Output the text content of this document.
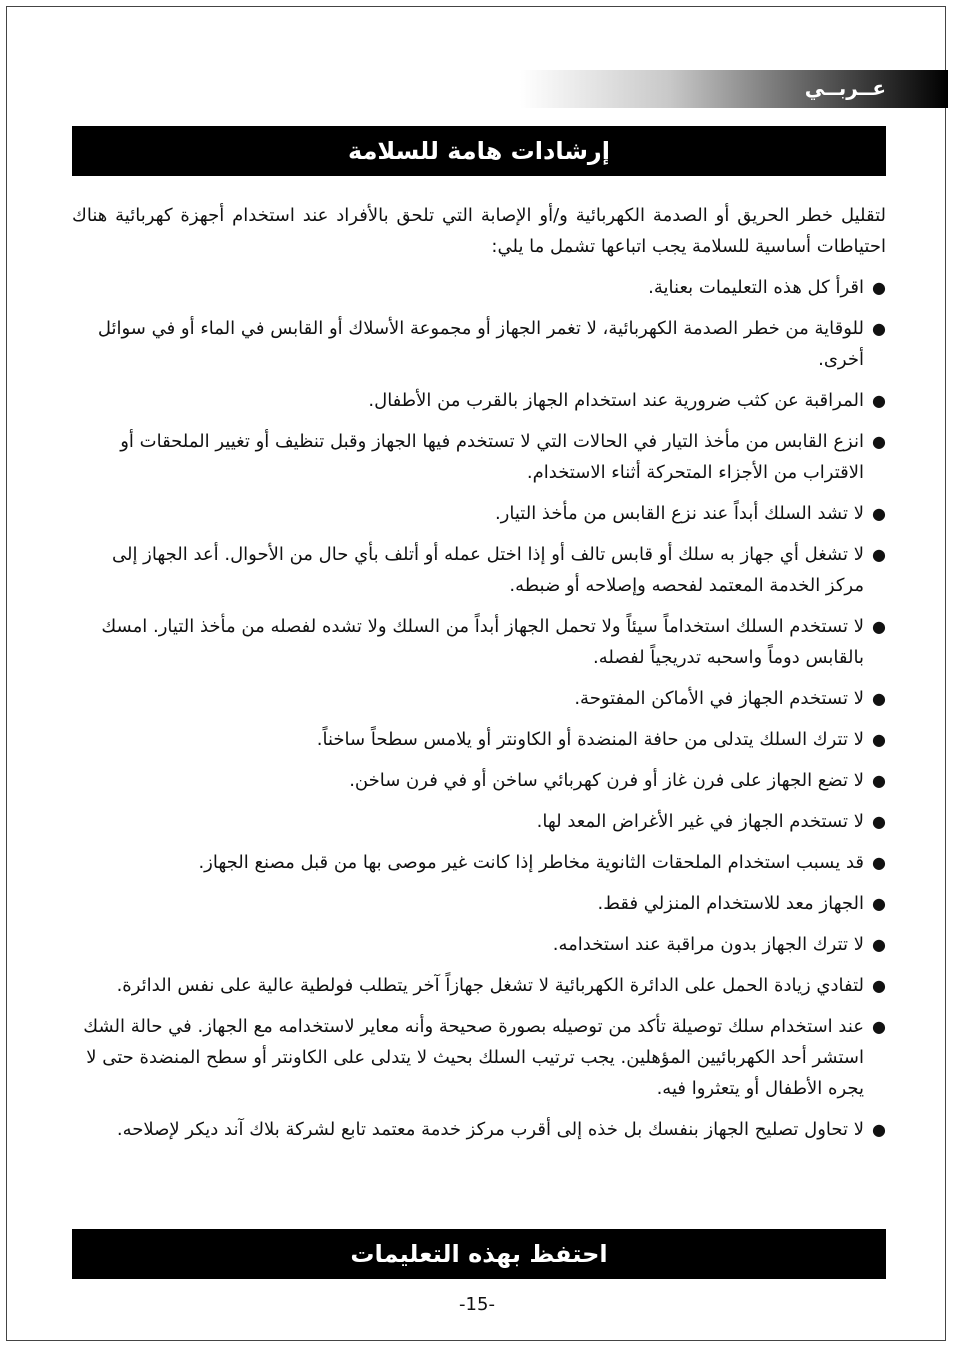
عــربــي
إرشادات هامة للسلامة

لتقليل خطر الحريق أو الصدمة الكهربائية و/أو الإصابة التي تلحق بالأفراد عند استخدام أجهزة كهربائية هناك احتياطات أساسية للسلامة يجب اتباعها تشمل ما يلي:

●
اقرأ كل هذه التعليمات بعناية.
●
للوقاية من خطر الصدمة الكهربائية، لا تغمر الجهاز أو مجموعة الأسلاك أو القابس في الماء أو في سوائل أخرى.
●
المراقبة عن كثب ضرورية عند استخدام الجهاز بالقرب من الأطفال.
●
انزع القابس من مأخذ التيار في الحالات التي لا تستخدم فيها الجهاز وقبل تنظيف أو تغيير الملحقات أو الاقتراب من الأجزاء المتحركة أثناء الاستخدام.
●
لا تشد السلك أبداً عند نزع القابس من مأخذ التيار.
●
لا تشغل أي جهاز به سلك أو قابس تالف أو إذا اختل عمله أو أتلف بأي حال من الأحوال. أعد الجهاز إلى مركز الخدمة المعتمد لفحصه وإصلاحه أو ضبطه.
●
لا تستخدم السلك استخداماً سيئاً ولا تحمل الجهاز أبداً من السلك ولا تشده لفصله من مأخذ التيار. امسك بالقابس دوماً واسحبه تدريجياً لفصله.
●
لا تستخدم الجهاز في الأماكن المفتوحة.
●
لا تترك السلك يتدلى من حافة المنضدة أو الكاونتر أو يلامس سطحاً ساخناً.
●
لا تضع الجهاز على فرن غاز أو فرن كهربائي ساخن أو في فرن ساخن.
●
لا تستخدم الجهاز في غير الأغراض المعد لها.
●
قد يسبب استخدام الملحقات الثانوية مخاطر إذا كانت غير موصى بها من قبل مصنع الجهاز.
●
الجهاز معد للاستخدام المنزلي فقط.
●
لا تترك الجهاز بدون مراقبة عند استخدامه.
●
لتفادي زيادة الحمل على الدائرة الكهربائية لا تشغل جهازاً آخر يتطلب فولطية عالية على نفس الدائرة.
●
عند استخدام سلك توصيلة تأكد من توصيله بصورة صحيحة وأنه معاير لاستخدامه مع الجهاز. في حالة الشك استشر أحد الكهربائيين المؤهلين. يجب ترتيب السلك بحيث لا يتدلى على الكاونتر أو سطح المنضدة حتى لا يجره الأطفال أو يتعثروا فيه.
●
لا تحاول تصليح الجهاز بنفسك بل خذه إلى أقرب مركز خدمة معتمد تابع لشركة بلاك آند ديكر لإصلاحه.
احتفظ بهذه التعليمات
-15-
